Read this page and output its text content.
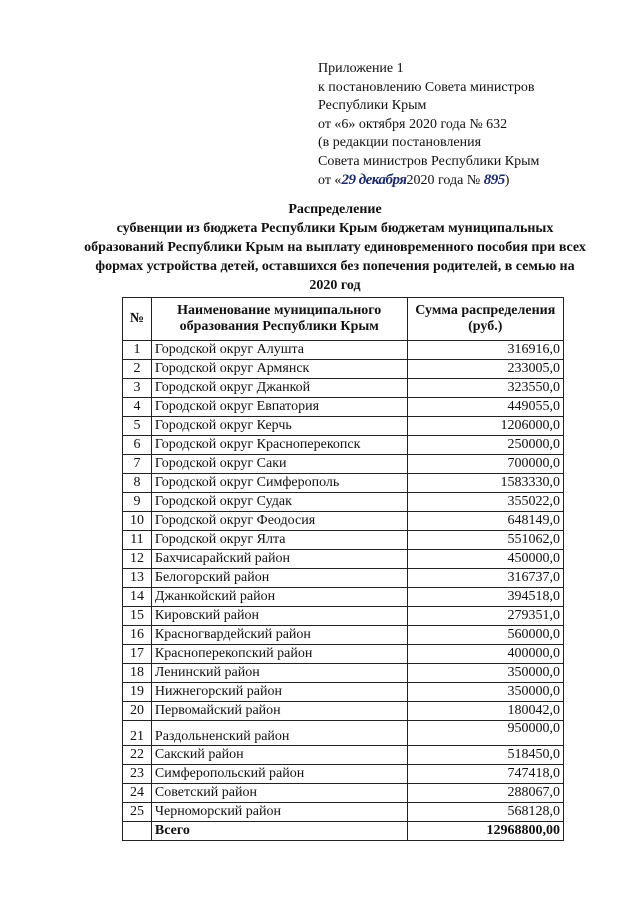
Приложение 1
к постановлению Совета министров
Республики Крым
от «6» октября 2020 года № 632
(в редакции постановления
Совета министров Республики Крым
от «29 декабря2020 года № 895)
Распределение
субвенции из бюджета Республики Крым бюджетам муниципальных образований Республики Крым на выплату единовременного пособия при всех формах устройства детей, оставшихся без попечения родителей, в семью на 2020 год
№	Наименование муниципального образования Республики Крым	Сумма распределения (руб.)
1	Городской округ Алушта	316916,0
2	Городской округ Армянск	233005,0
3	Городской округ Джанкой	323550,0
4	Городской округ Евпатория	449055,0
5	Городской округ Керчь	1206000,0
6	Городской округ Красноперекопск	250000,0
7	Городской округ Саки	700000,0
8	Городской округ Симферополь	1583330,0
9	Городской округ Судак	355022,0
10	Городской округ Феодосия	648149,0
11	Городской округ Ялта	551062,0
12	Бахчисарайский район	450000,0
13	Белогорский район	316737,0
14	Джанкойский район	394518,0
15	Кировский район	279351,0
16	Красногвардейский район	560000,0
17	Красноперекопский район	400000,0
18	Ленинский район	350000,0
19	Нижнегорский район	350000,0
20	Первомайский район	180042,0
21	Раздольненский район	950000,0
22	Сакский район	518450,0
23	Симферопольский район	747418,0
24	Советский район	288067,0
25	Черноморский район	568128,0
	Всего	12968800,00
